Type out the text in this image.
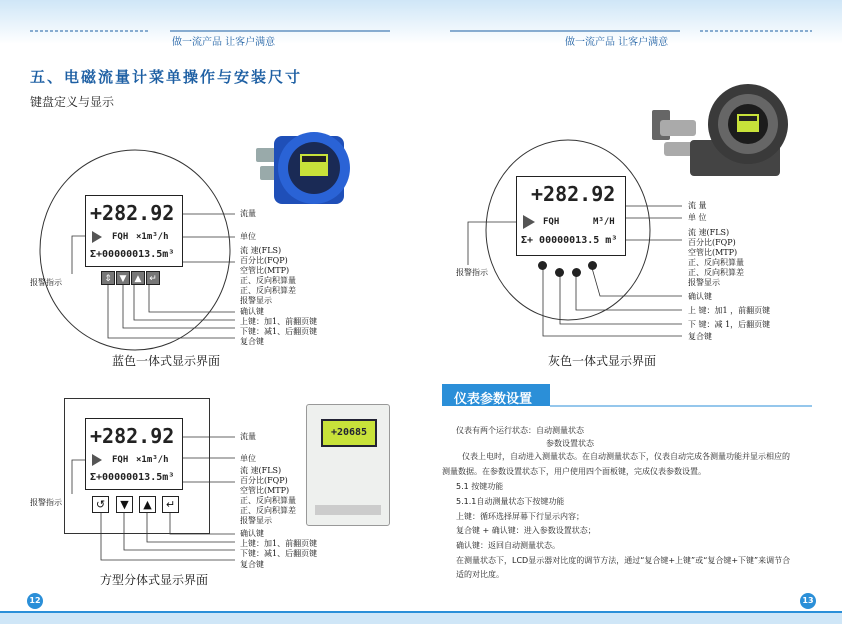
做一流产品 让客户满意	做一流产品 让客户满意
五、电磁流量计菜单操作与安装尺寸
键盘定义与显示
+282.92
FQH ×1m³/h
Σ+00000013.5m³
⇕ ▼ ▲ ↵
流量
单位
流 速(FLS)
百分比(FQP)
空管比(MTP)
正、反向积算量
正、反向积算差
报警显示
确认键
上键：加1、前翻页键
下键：减1、后翻页键
复合键
报警指示
蓝色一体式显示界面
+282.92
FQH ×1m³/h
Σ+00000013.5m³
↺	▼	▲	↵
流量
单位
流 速(FLS)
百分比(FQP)
空管比(MTP)
正、反向积算量
正、反向积算差
报警显示
确认键
上键：加1、前翻页键
下键：减1、后翻页键
复合键
报警指示
方型分体式显示界面
+20685
+282.92
FQH	M³/H
Σ+ 00000013.5 m³
流 量
单 位
流 速(FLS)
百分比(FQP)
空管比(MTP)
正、反向积算量
正、反向积算差
报警显示
确认键
上 键：加1 ，前翻页键
下 键：减 1，后翻页键
复合键
报警指示
灰色一体式显示界面
仪表参数设置
仪表有两个运行状态：自动测量状态
参数设置状态
仪表上电时，自动进入测量状态。在自动测量状态下，仪表自动完成各测量功能并显示相应的
测量数据。在参数设置状态下，用户使用四个面板键，完成仪表参数设置。
5.1 按键功能
5.1.1自动测量状态下按键功能
上键：循环选择屏幕下行显示内容；
复合键 + 确认键：进入参数设置状态；
确认键：返回自动测量状态。
在测量状态下，LCD显示器对比度的调节方法，通过“复合键+上键”或“复合键+下键”来调节合
适的对比度。
12	13
